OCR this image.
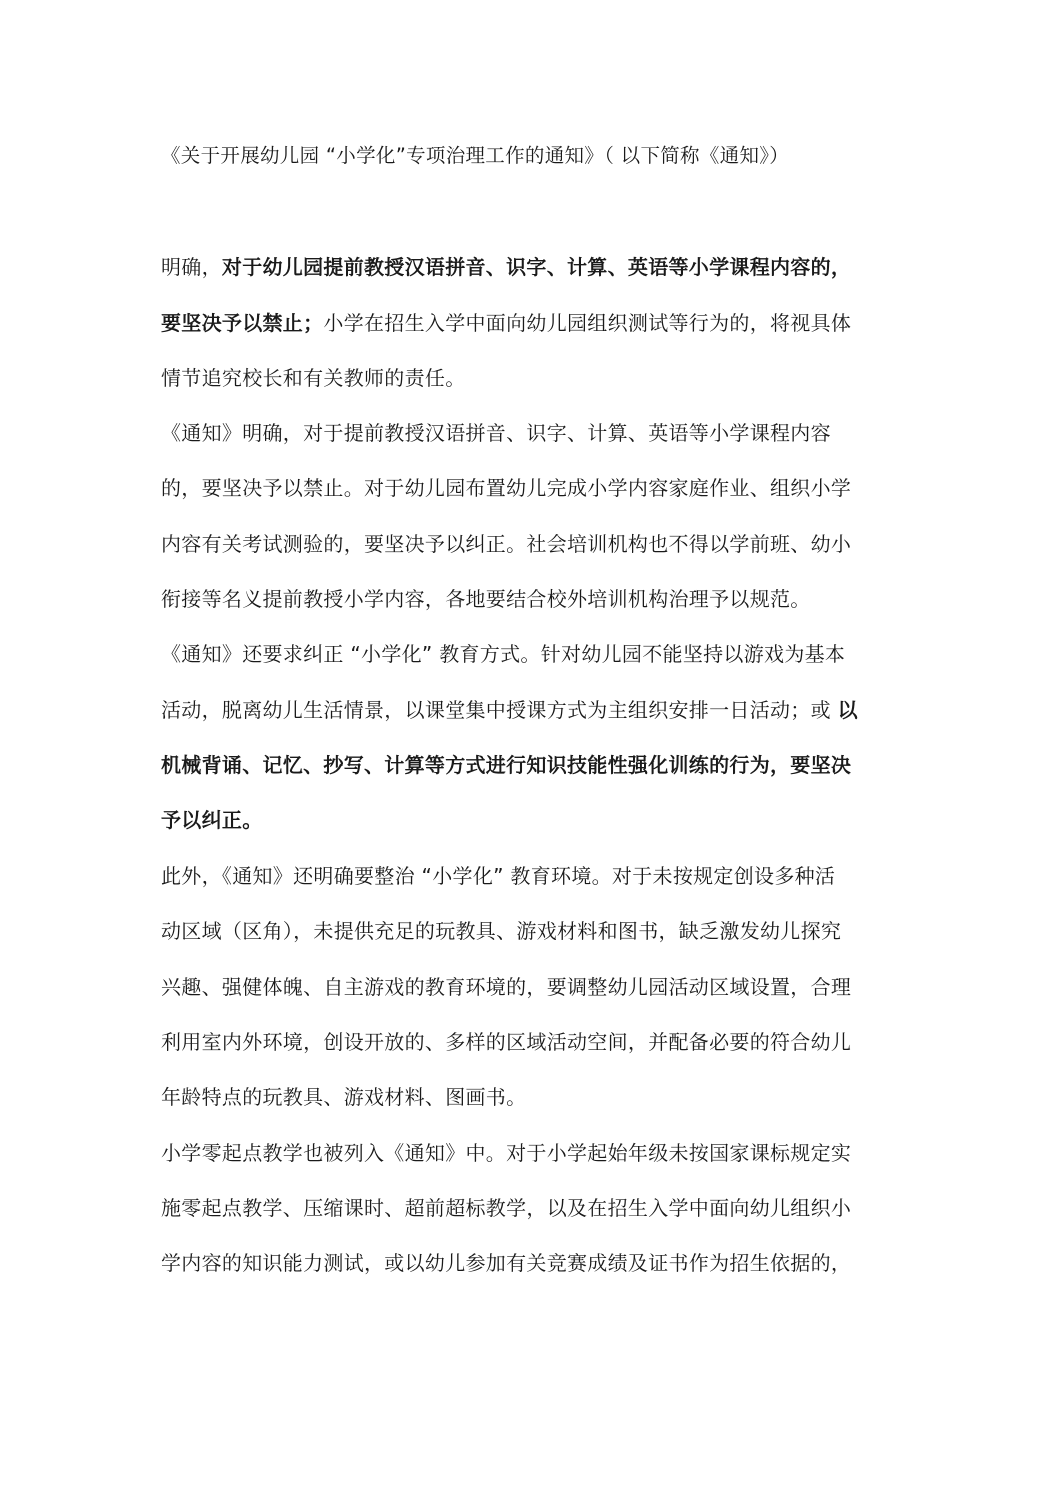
《关于开展幼儿园 “小学化”专项治理工作的通知》（ 以下简称《通知》）
明确，对于幼儿园提前教授汉语拼音、识字、计算、英语等小学课程内容的，
要坚决予以禁止；小学在招生入学中面向幼儿园组织测试等行为的，将视具体
情节追究校长和有关教师的责任。
《通知》明确，对于提前教授汉语拼音、识字、计算、英语等小学课程内容
的，要坚决予以禁止。对于幼儿园布置幼儿完成小学内容家庭作业、组织小学
内容有关考试测验的，要坚决予以纠正。社会培训机构也不得以学前班、幼小
衔接等名义提前教授小学内容，各地要结合校外培训机构治理予以规范。
《通知》还要求纠正 “小学化” 教育方式。针对幼儿园不能坚持以游戏为基本
活动，脱离幼儿生活情景，以课堂集中授课方式为主组织安排一日活动；或 以
机械背诵、记忆、抄写、计算等方式进行知识技能性强化训练的行为，要坚决
予以纠正。
此外，《通知》还明确要整治 “小学化” 教育环境。对于未按规定创设多种活
动区域（区角），未提供充足的玩教具、游戏材料和图书，缺乏激发幼儿探究
兴趣、强健体魄、自主游戏的教育环境的，要调整幼儿园活动区域设置，合理
利用室内外环境，创设开放的、多样的区域活动空间，并配备必要的符合幼儿
年龄特点的玩教具、游戏材料、图画书。
小学零起点教学也被列入《通知》中。对于小学起始年级未按国家课标规定实
施零起点教学、压缩课时、超前超标教学，以及在招生入学中面向幼儿组织小
学内容的知识能力测试，或以幼儿参加有关竞赛成绩及证书作为招生依据的，
